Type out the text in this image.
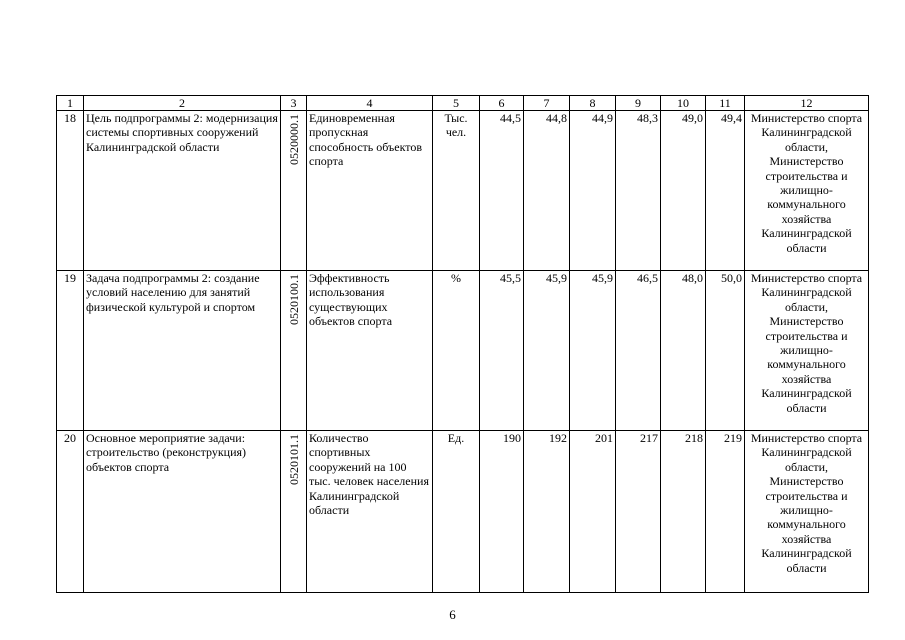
1	2	3	4	5	6	7	8	9	10	11	12
18	Цель подпрограммы 2: модернизация системы спортивных сооружений Калининградской области	0520000.1	Единовременная пропускная способность объектов спорта	Тыс. чел.	44,5	44,8	44,9	48,3	49,0	49,4	Министерство спорта Калининградской области, Министерство строительства и жилищно-коммунального хозяйства Калининградской области
19	Задача подпрограммы 2: создание условий населению для занятий физической культурой и спортом	0520100.1	Эффективность использования существующих объектов спорта	%	45,5	45,9	45,9	46,5	48,0	50,0	Министерство спорта Калининградской области, Министерство строительства и жилищно-коммунального хозяйства Калининградской области
20	Основное мероприятие задачи: строительство (реконструкция) объектов спорта	0520101.1	Количество спортивных сооружений на 100 тыс. человек населения Калининградской области	Ед.	190	192	201	217	218	219	Министерство спорта Калининградской области, Министерство строительства и жилищно-коммунального хозяйства Калининградской области
6
